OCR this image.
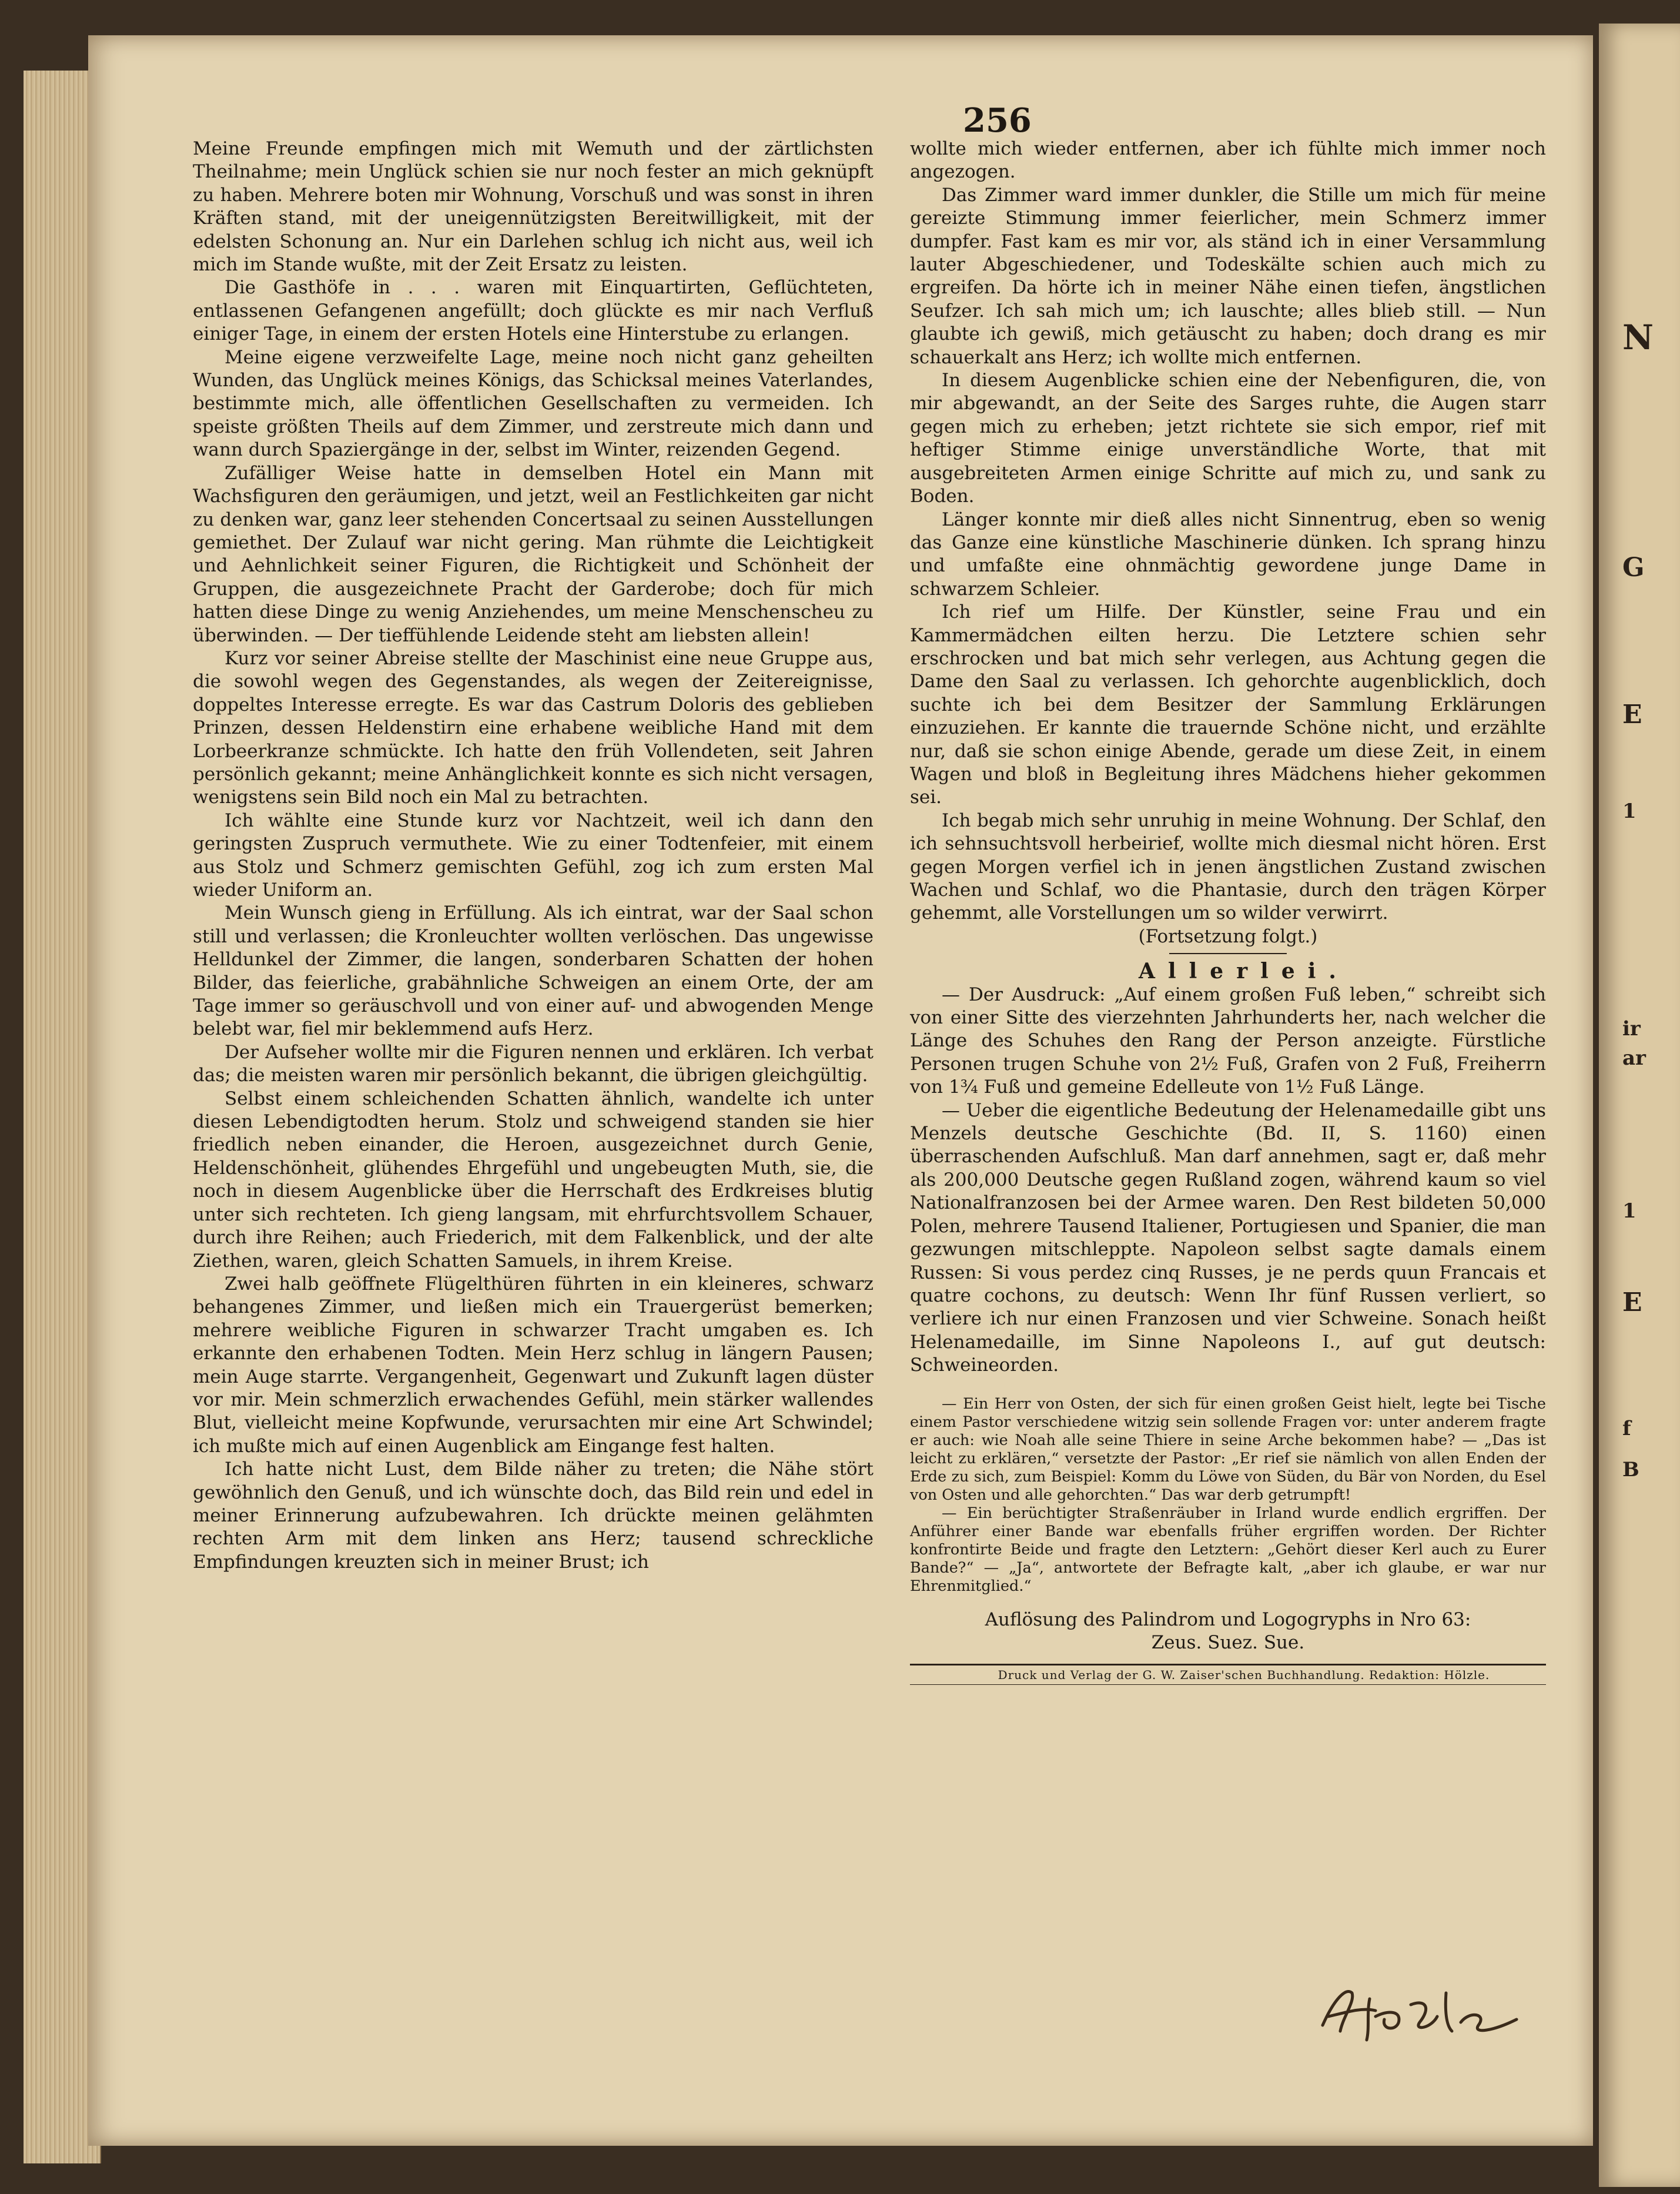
256

Meine Freunde empfingen mich mit Wemuth und der zärtlichsten Theilnahme; mein Unglück schien sie nur noch fester an mich geknüpft zu haben. Mehrere boten mir Wohnung, Vorschuß und was sonst in ihren Kräften stand, mit der uneigennützigsten Bereitwilligkeit, mit der edelsten Schonung an. Nur ein Darlehen schlug ich nicht aus, weil ich mich im Stande wußte, mit der Zeit Ersatz zu leisten.

Die Gasthöfe in . . . waren mit Einquartirten, Geflüchteten, entlassenen Gefangenen angefüllt; doch glückte es mir nach Verfluß einiger Tage, in einem der ersten Hotels eine Hinterstube zu erlangen.

Meine eigene verzweifelte Lage, meine noch nicht ganz geheilten Wunden, das Unglück meines Königs, das Schicksal meines Vaterlandes, bestimmte mich, alle öffentlichen Gesellschaften zu vermeiden. Ich speiste größten Theils auf dem Zimmer, und zerstreute mich dann und wann durch Spaziergänge in der, selbst im Winter, reizenden Gegend.

Zufälliger Weise hatte in demselben Hotel ein Mann mit Wachsfiguren den geräumigen, und jetzt, weil an Festlichkeiten gar nicht zu denken war, ganz leer stehenden Concertsaal zu seinen Ausstellungen gemiethet. Der Zulauf war nicht gering. Man rühmte die Leichtigkeit und Aehnlichkeit seiner Figuren, die Richtigkeit und Schönheit der Gruppen, die ausgezeichnete Pracht der Garderobe; doch für mich hatten diese Dinge zu wenig Anziehendes, um meine Menschenscheu zu überwinden. — Der tieffühlende Leidende steht am liebsten allein!

Kurz vor seiner Abreise stellte der Maschinist eine neue Gruppe aus, die sowohl wegen des Gegenstandes, als wegen der Zeitereignisse, doppeltes Interesse erregte. Es war das Castrum Doloris des geblieben Prinzen, dessen Heldenstirn eine erhabene weibliche Hand mit dem Lorbeerkranze schmückte. Ich hatte den früh Vollendeten, seit Jahren persönlich gekannt; meine Anhänglichkeit konnte es sich nicht versagen, wenigstens sein Bild noch ein Mal zu betrachten.

Ich wählte eine Stunde kurz vor Nachtzeit, weil ich dann den geringsten Zuspruch vermuthete. Wie zu einer Todtenfeier, mit einem aus Stolz und Schmerz gemischten Gefühl, zog ich zum ersten Mal wieder Uniform an.

Mein Wunsch gieng in Erfüllung. Als ich eintrat, war der Saal schon still und verlassen; die Kronleuchter wollten verlöschen. Das ungewisse Helldunkel der Zimmer, die langen, sonderbaren Schatten der hohen Bilder, das feierliche, grabähnliche Schweigen an einem Orte, der am Tage immer so geräuschvoll und von einer auf- und abwogenden Menge belebt war, fiel mir beklemmend aufs Herz.

Der Aufseher wollte mir die Figuren nennen und erklären. Ich verbat das; die meisten waren mir persönlich bekannt, die übrigen gleichgültig.

Selbst einem schleichenden Schatten ähnlich, wandelte ich unter diesen Lebendigtodten herum. Stolz und schweigend standen sie hier friedlich neben einander, die Heroen, ausgezeichnet durch Genie, Heldenschönheit, glühendes Ehrgefühl und ungebeugten Muth, sie, die noch in diesem Augenblicke über die Herrschaft des Erdkreises blutig unter sich rechteten. Ich gieng langsam, mit ehrfurchtsvollem Schauer, durch ihre Reihen; auch Friederich, mit dem Falkenblick, und der alte Ziethen, waren, gleich Schatten Samuels, in ihrem Kreise.

Zwei halb geöffnete Flügelthüren führten in ein kleineres, schwarz behangenes Zimmer, und ließen mich ein Trauergerüst bemerken; mehrere weibliche Figuren in schwarzer Tracht umgaben es. Ich erkannte den erhabenen Todten. Mein Herz schlug in längern Pausen; mein Auge starrte. Vergangenheit, Gegenwart und Zukunft lagen düster vor mir. Mein schmerzlich erwachendes Gefühl, mein stärker wallendes Blut, vielleicht meine Kopfwunde, verursachten mir eine Art Schwindel; ich mußte mich auf einen Augenblick am Eingange fest halten.

Ich hatte nicht Lust, dem Bilde näher zu treten; die Nähe stört gewöhnlich den Genuß, und ich wünschte doch, das Bild rein und edel in meiner Erinnerung aufzubewahren. Ich drückte meinen gelähmten rechten Arm mit dem linken ans Herz; tausend schreckliche Empfindungen kreuzten sich in meiner Brust; ich

wollte mich wieder entfernen, aber ich fühlte mich immer noch angezogen.

Das Zimmer ward immer dunkler, die Stille um mich für meine gereizte Stimmung immer feierlicher, mein Schmerz immer dumpfer. Fast kam es mir vor, als ständ ich in einer Versammlung lauter Abgeschiedener, und Todeskälte schien auch mich zu ergreifen. Da hörte ich in meiner Nähe einen tiefen, ängstlichen Seufzer. Ich sah mich um; ich lauschte; alles blieb still. — Nun glaubte ich gewiß, mich getäuscht zu haben; doch drang es mir schauerkalt ans Herz; ich wollte mich entfernen.

In diesem Augenblicke schien eine der Nebenfiguren, die, von mir abgewandt, an der Seite des Sarges ruhte, die Augen starr gegen mich zu erheben; jetzt richtete sie sich empor, rief mit heftiger Stimme einige unverständliche Worte, that mit ausgebreiteten Armen einige Schritte auf mich zu, und sank zu Boden.

Länger konnte mir dieß alles nicht Sinnentrug, eben so wenig das Ganze eine künstliche Maschinerie dünken. Ich sprang hinzu und umfaßte eine ohnmächtig gewordene junge Dame in schwarzem Schleier.

Ich rief um Hilfe. Der Künstler, seine Frau und ein Kammermädchen eilten herzu. Die Letztere schien sehr erschrocken und bat mich sehr verlegen, aus Achtung gegen die Dame den Saal zu verlassen. Ich gehorchte augenblicklich, doch suchte ich bei dem Besitzer der Sammlung Erklärungen einzuziehen. Er kannte die trauernde Schöne nicht, und erzählte nur, daß sie schon einige Abende, gerade um diese Zeit, in einem Wagen und bloß in Begleitung ihres Mädchens hieher gekommen sei.

Ich begab mich sehr unruhig in meine Wohnung. Der Schlaf, den ich sehnsuchtsvoll herbeirief, wollte mich diesmal nicht hören. Erst gegen Morgen verfiel ich in jenen ängstlichen Zustand zwischen Wachen und Schlaf, wo die Phantasie, durch den trägen Körper gehemmt, alle Vorstellungen um so wilder verwirrt.

(Fortsetzung folgt.)

Allerlei.

— Der Ausdruck: „Auf einem großen Fuß leben,“ schreibt sich von einer Sitte des vierzehnten Jahrhunderts her, nach welcher die Länge des Schuhes den Rang der Person anzeigte. Fürstliche Personen trugen Schuhe von 2½ Fuß, Grafen von 2 Fuß, Freiherrn von 1¾ Fuß und gemeine Edelleute von 1½ Fuß Länge.

— Ueber die eigentliche Bedeutung der Helenamedaille gibt uns Menzels deutsche Geschichte (Bd. II, S. 1160) einen überraschenden Aufschluß. Man darf annehmen, sagt er, daß mehr als 200,000 Deutsche gegen Rußland zogen, während kaum so viel Nationalfranzosen bei der Armee waren. Den Rest bildeten 50,000 Polen, mehrere Tausend Italiener, Portugiesen und Spanier, die man gezwungen mitschleppte. Napoleon selbst sagte damals einem Russen: Si vous perdez cinq Russes, je ne perds quun Francais et quatre cochons, zu deutsch: Wenn Ihr fünf Russen verliert, so verliere ich nur einen Franzosen und vier Schweine. Sonach heißt Helenamedaille, im Sinne Napoleons I., auf gut deutsch: Schweineorden.

— Ein Herr von Osten, der sich für einen großen Geist hielt, legte bei Tische einem Pastor verschiedene witzig sein sollende Fragen vor: unter anderem fragte er auch: wie Noah alle seine Thiere in seine Arche bekommen habe? — „Das ist leicht zu erklären,“ versetzte der Pastor: „Er rief sie nämlich von allen Enden der Erde zu sich, zum Beispiel: Komm du Löwe von Süden, du Bär von Norden, du Esel von Osten und alle gehorchten.“ Das war derb getrumpft!

— Ein berüchtigter Straßenräuber in Irland wurde endlich ergriffen. Der Anführer einer Bande war ebenfalls früher ergriffen worden. Der Richter konfrontirte Beide und fragte den Letztern: „Gehört dieser Kerl auch zu Eurer Bande?“ — „Ja“, antwortete der Befragte kalt, „aber ich glaube, er war nur Ehrenmitglied.“

Auflösung des Palindrom und Logogryphs in Nro 63:

Zeus. Suez. Sue.

Druck und Verlag der G. W. Zaiser'schen Buchhandlung. Redaktion: Hölzle.

N
G
E
1
ir
ar
1
E
f
B
